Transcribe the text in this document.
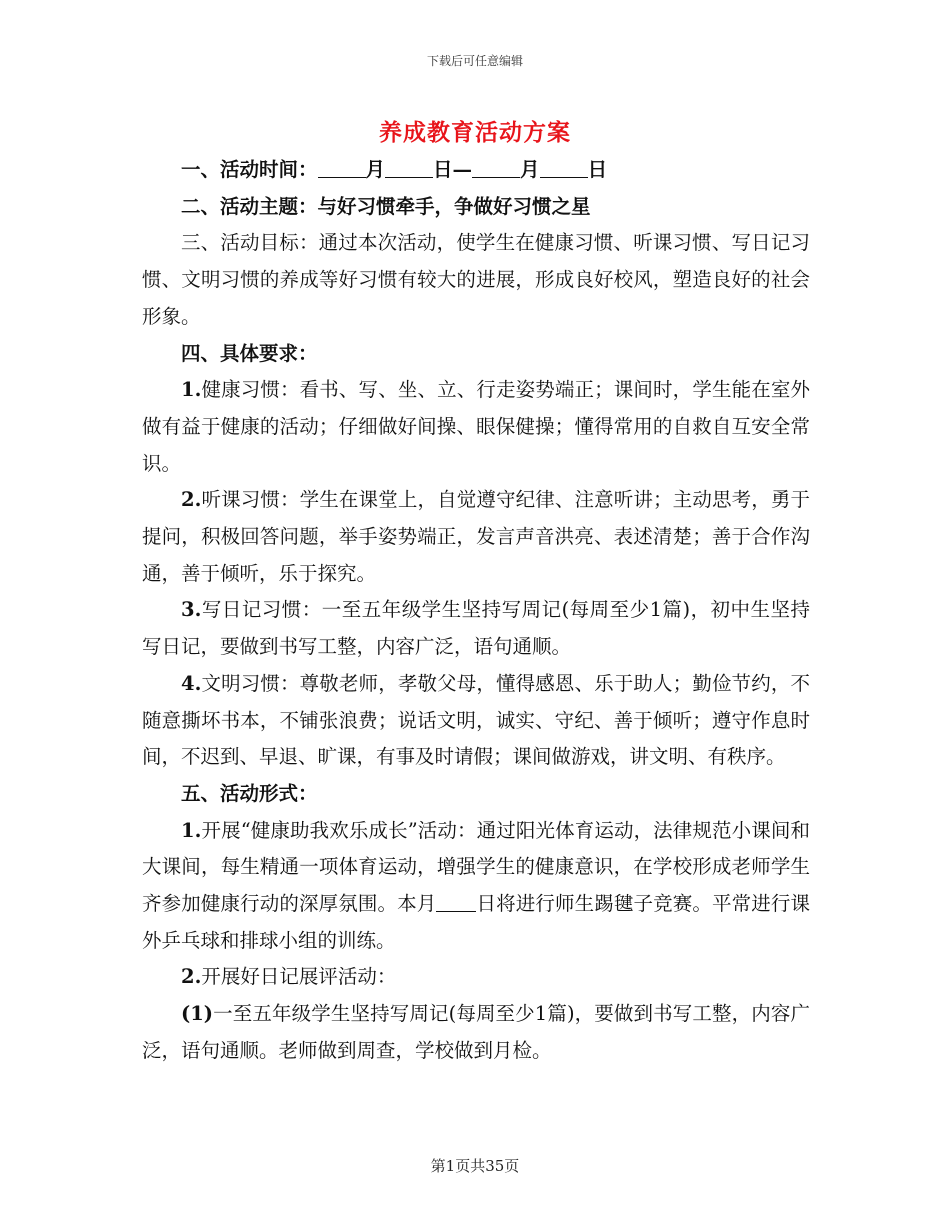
下载后可任意编辑
养成教育活动方案

一、活动时间： 月 日— 月 日

二、活动主题：与好习惯牵手，争做好习惯之星

三、活动目标：通过本次活动，使学生在健康习惯、听课习惯、写日记习惯、文明习惯的养成等好习惯有较大的进展，形成良好校风，塑造良好的社会形象。

四、具体要求：

1.健康习惯：看书、写、坐、立、行走姿势端正；课间时，学生能在室外做有益于健康的活动；仔细做好间操、眼保健操；懂得常用的自救自互安全常识。

2.听课习惯：学生在课堂上，自觉遵守纪律、注意听讲；主动思考，勇于提问，积极回答问题，举手姿势端正，发言声音洪亮、表述清楚；善于合作沟通，善于倾听，乐于探究。

3.写日记习惯：一至五年级学生坚持写周记(每周至少1篇)，初中生坚持写日记，要做到书写工整，内容广泛，语句通顺。

4.文明习惯：尊敬老师，孝敬父母，懂得感恩、乐于助人；勤俭节约，不随意撕坏书本，不铺张浪费；说话文明，诚实、守纪、善于倾听；遵守作息时间，不迟到、早退、旷课，有事及时请假；课间做游戏，讲文明、有秩序。

五、活动形式：

1.开展“健康助我欢乐成长”活动：通过阳光体育运动，法律规范小课间和大课间，每生精通一项体育运动，增强学生的健康意识，在学校形成老师学生齐参加健康行动的深厚氛围。本月 日将进行师生踢毽子竞赛。平常进行课外乒乓球和排球小组的训练。

2.开展好日记展评活动：

(1)一至五年级学生坚持写周记(每周至少1篇)，要做到书写工整，内容广泛，语句通顺。老师做到周查，学校做到月检。

第1页共35页
